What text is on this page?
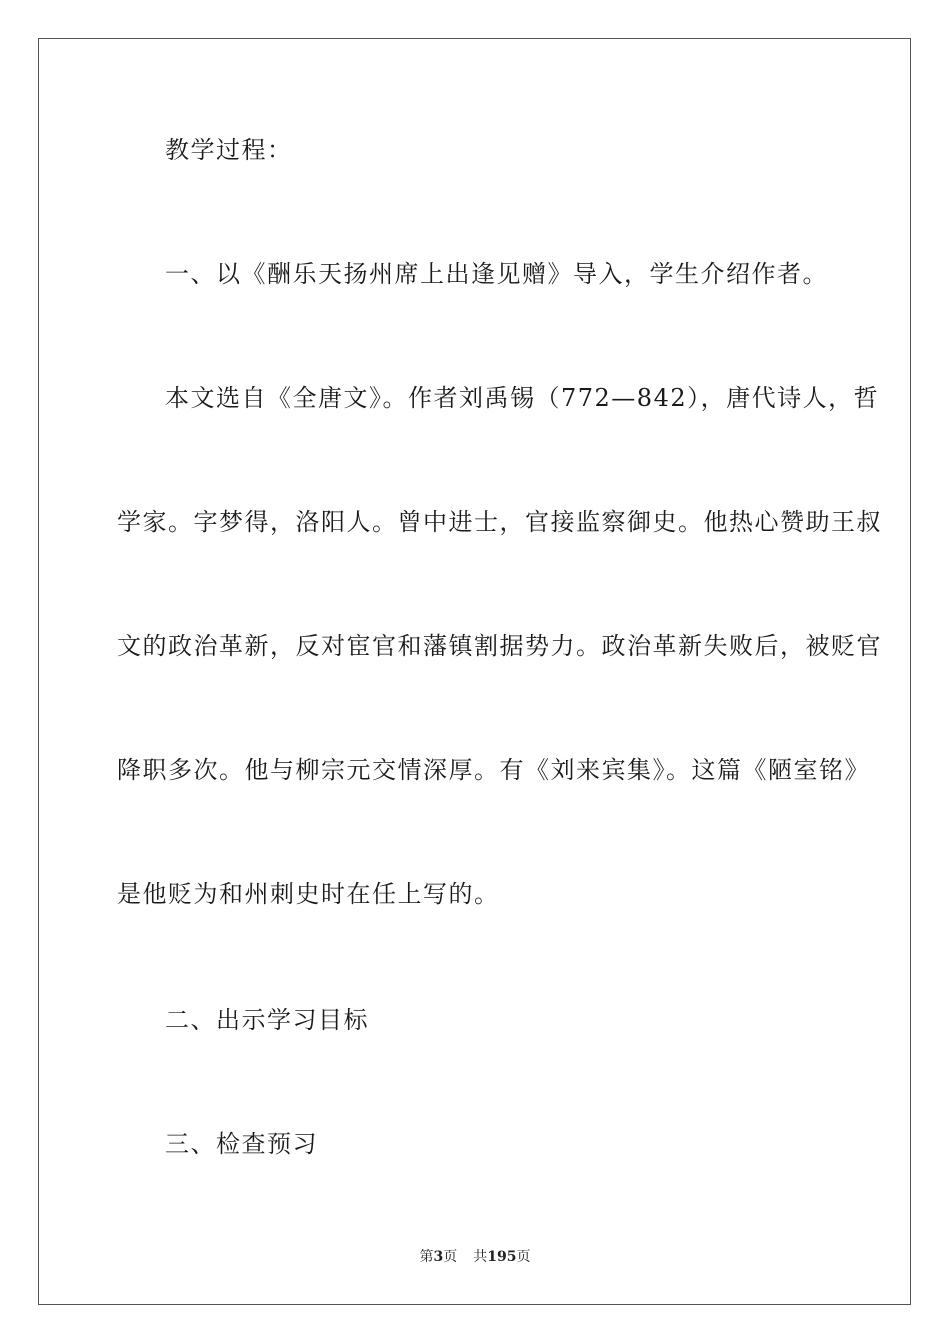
教学过程：
一、以《酬乐天扬州席上出逢见赠》导入，学生介绍作者。
本文选自《全唐文》。作者刘禹锡（772—842），唐代诗人，哲
学家。字梦得，洛阳人。曾中进士，官接监察御史。他热心赞助王叔
文的政治革新，反对宦官和藩镇割据势力。政治革新失败后，被贬官
降职多次。他与柳宗元交情深厚。有《刘来宾集》。这篇《陋室铭》
是他贬为和州刺史时在任上写的。
二、出示学习目标
三、检查预习
第3页 共195页
